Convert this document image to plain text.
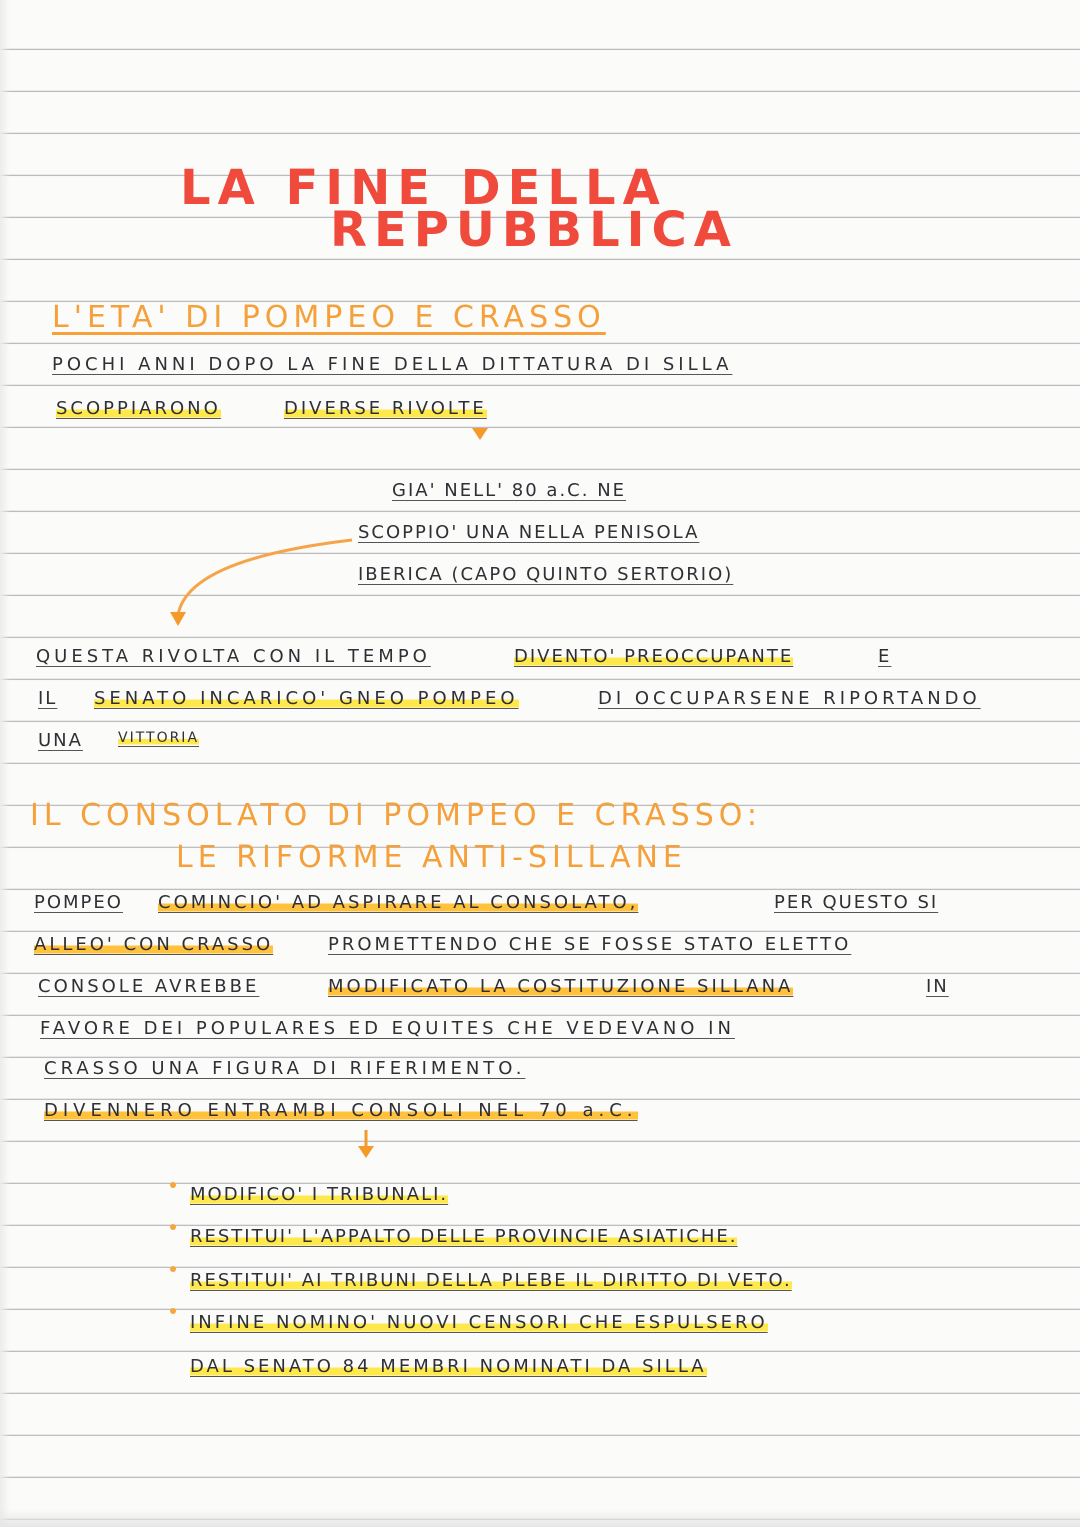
LA FINE DELLA
REPUBBLICA
L'ETA' DI POMPEO E CRASSO
POCHI ANNI DOPO LA FINE DELLA DITTATURA DI SILLA
SCOPPIARONO	DIVERSE RIVOLTE
GIA' NELL' 80 a.C. NE
SCOPPIO' UNA NELLA PENISOLA
IBERICA (CAPO QUINTO SERTORIO)
QUESTA RIVOLTA CON IL TEMPO	DIVENTO' PREOCCUPANTE	E
IL SENATO INCARICO' GNEO POMPEO	DI OCCUPARSENE RIPORTANDO
UNA	VITTORIA
IL CONSOLATO DI POMPEO E CRASSO:
LE RIFORME ANTI-SILLANE
POMPEO COMINCIO' AD ASPIRARE AL CONSOLATO,	PER QUESTO SI
ALLEO' CON CRASSO	PROMETTENDO CHE SE FOSSE STATO ELETTO
CONSOLE AVREBBE	MODIFICATO LA COSTITUZIONE SILLANA	IN
FAVORE DEI POPULARES ED EQUITES CHE VEDEVANO IN
CRASSO UNA FIGURA DI RIFERIMENTO.
DIVENNERO ENTRAMBI CONSOLI NEL 70 a.C.
MODIFICO' I TRIBUNALI.
RESTITUI' L'APPALTO DELLE PROVINCIE ASIATICHE.
RESTITUI' AI TRIBUNI DELLA PLEBE IL DIRITTO DI VETO.
INFINE NOMINO' NUOVI CENSORI CHE ESPULSERO
DAL SENATO 84 MEMBRI NOMINATI DA SILLA
